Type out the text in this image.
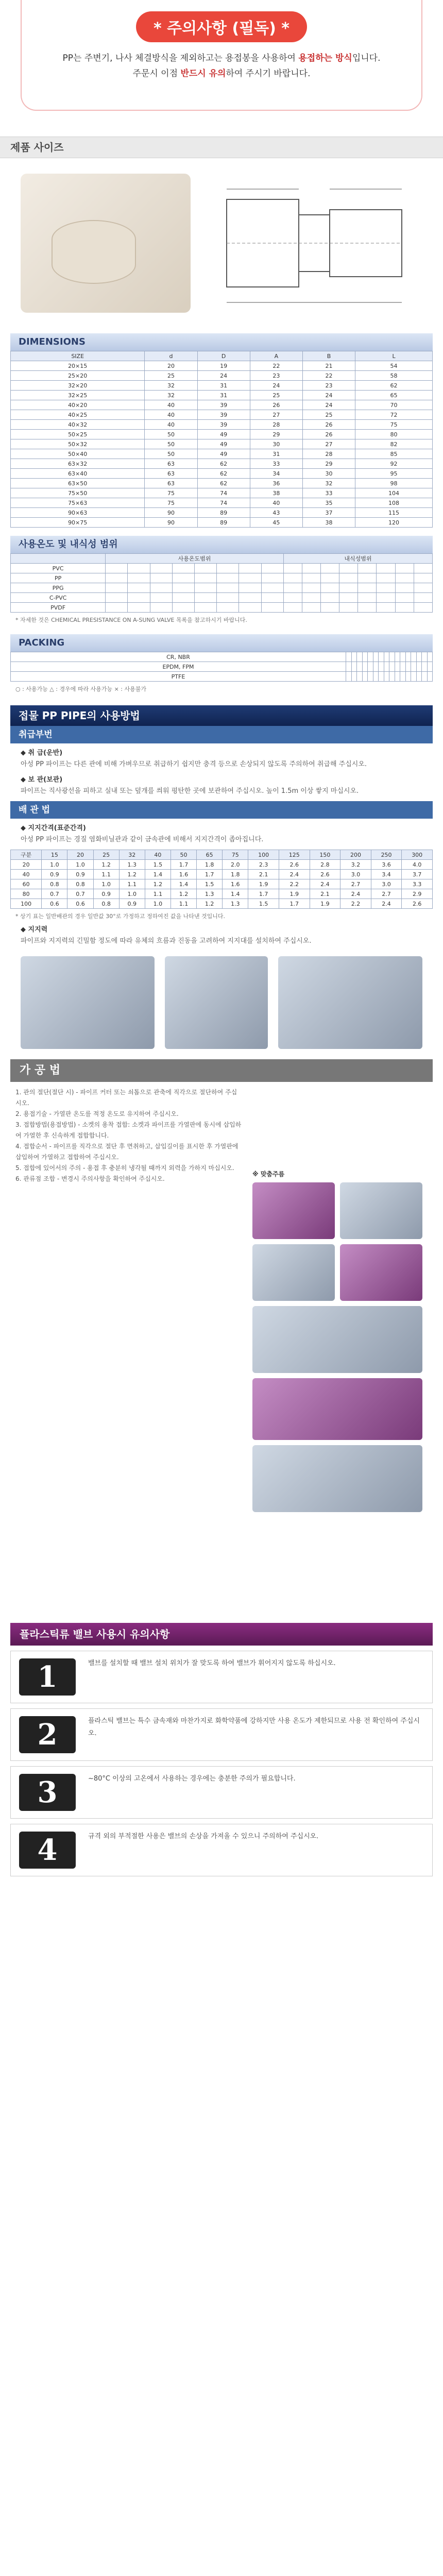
* 주의사항 (필독) *
PP는 주변기, 나사 체결방식을 제외하고는 용접봉을 사용하여 용접하는 방식입니다.
주문시 이점 반드시 유의하여 주시기 바랍니다.
제품 사이즈
DIMENSIONS
SIZE	d	D	A	B	L
20×15	20	19	22	21	54
25×20	25	24	23	22	58
32×20	32	31	24	23	62
32×25	32	31	25	24	65
40×20	40	39	26	24	70
40×25	40	39	27	25	72
40×32	40	39	28	26	75
50×25	50	49	29	26	80
50×32	50	49	30	27	82
50×40	50	49	31	28	85
63×32	63	62	33	29	92
63×40	63	62	34	30	95
63×50	63	62	36	32	98
75×50	75	74	38	33	104
75×63	75	74	40	35	108
90×63	90	89	43	37	115
90×75	90	89	45	38	120
사용온도 및 내식성 범위
	사용온도범위								내식성범위							
PVC																
PP																
PPG																
C-PVC																
PVDF																
* 자세한 것은 CHEMICAL PRESISTANCE ON A-SUNG VALVE 목록을 참고하시기 바랍니다.
PACKING
CR, NBR																
EPDM, FPM																
PTFE																
○ : 사용가능 △ : 경우에 따라 사용가능 × : 사용불가
접물 PP PIPE의 사용방법
취급부번
◆ 취 급(운반)
아성 PP 파이프는 다른 관에 비해 가벼우므로 취급하기 쉽지만 충격 등으로 손상되지 않도록 주의하여 취급해 주십시오.
◆ 보 관(보관)
파이프는 직사광선을 피하고 실내 또는 덮개를 씌워 평탄한 곳에 보관하여 주십시오. 높이 1.5m 이상 쌓지 마십시오.
배 관 법
◆ 지지간격(표준간격)
아성 PP 파이프는 경질 염화비닐관과 같이 금속관에 비해서 지지간격이 좁아집니다.
구분	15	20	25	32	40	50	65	75	100	125	150	200	250	300
20	1.0	1.0	1.2	1.3	1.5	1.7	1.8	2.0	2.3	2.6	2.8	3.2	3.6	4.0
40	0.9	0.9	1.1	1.2	1.4	1.6	1.7	1.8	2.1	2.4	2.6	3.0	3.4	3.7
60	0.8	0.8	1.0	1.1	1.2	1.4	1.5	1.6	1.9	2.2	2.4	2.7	3.0	3.3
80	0.7	0.7	0.9	1.0	1.1	1.2	1.3	1.4	1.7	1.9	2.1	2.4	2.7	2.9
100	0.6	0.6	0.8	0.9	1.0	1.1	1.2	1.3	1.5	1.7	1.9	2.2	2.4	2.6
* 상기 표는 일반배관의 경우 일반값 30°로 가정하고 정하여진 값을 나타낸 것입니다.
◆ 지지력
파이프와 지지력의 긴밀함 정도에 따라 유체의 흐름과 진동을 고려하여 지지대를 설치하여 주십시오.
가 공 법
1. 관의 절단(절단 시) - 파이프 커터 또는 쇠톱으로 관축에 직각으로 절단하여 주십시오.
2. 용접기술 - 가열판 온도를 적정 온도로 유지하여 주십시오.
3. 접합방법(용접방법) - 소켓의 용착 접합: 소켓과 파이프를 가열판에 동시에 삽입하여 가열한 후 신속하게 접합합니다.
4. 접합순서 - 파이프를 직각으로 절단 후 면취하고, 삽입길이를 표시한 후 가열판에 삽입하여 가열하고 접합하여 주십시오.
5. 접합에 있어서의 주의 - 용접 후 충분히 냉각될 때까지 외력을 가하지 마십시오.
6. 관류점 조합 - 변경시 주의사항을 확인하여 주십시오.
※ 맞춤주름
플라스틱류 밸브 사용시 유의사항
1	밸브를 설치할 때 밸브 설치 위치가 잘 맞도록 하여 밸브가 휘어지지 않도록 하십시오.
2	플라스틱 밸브는 특수 금속재와 마찬가지로 화학약품에 강하지만 사용 온도가 제한되므로 사용 전 확인하여 주십시오.
3	~80°C 이상의 고온에서 사용하는 경우에는 충분한 주의가 필요합니다.
4	규격 외의 부적절한 사용은 밸브의 손상을 가져올 수 있으니 주의하여 주십시오.
